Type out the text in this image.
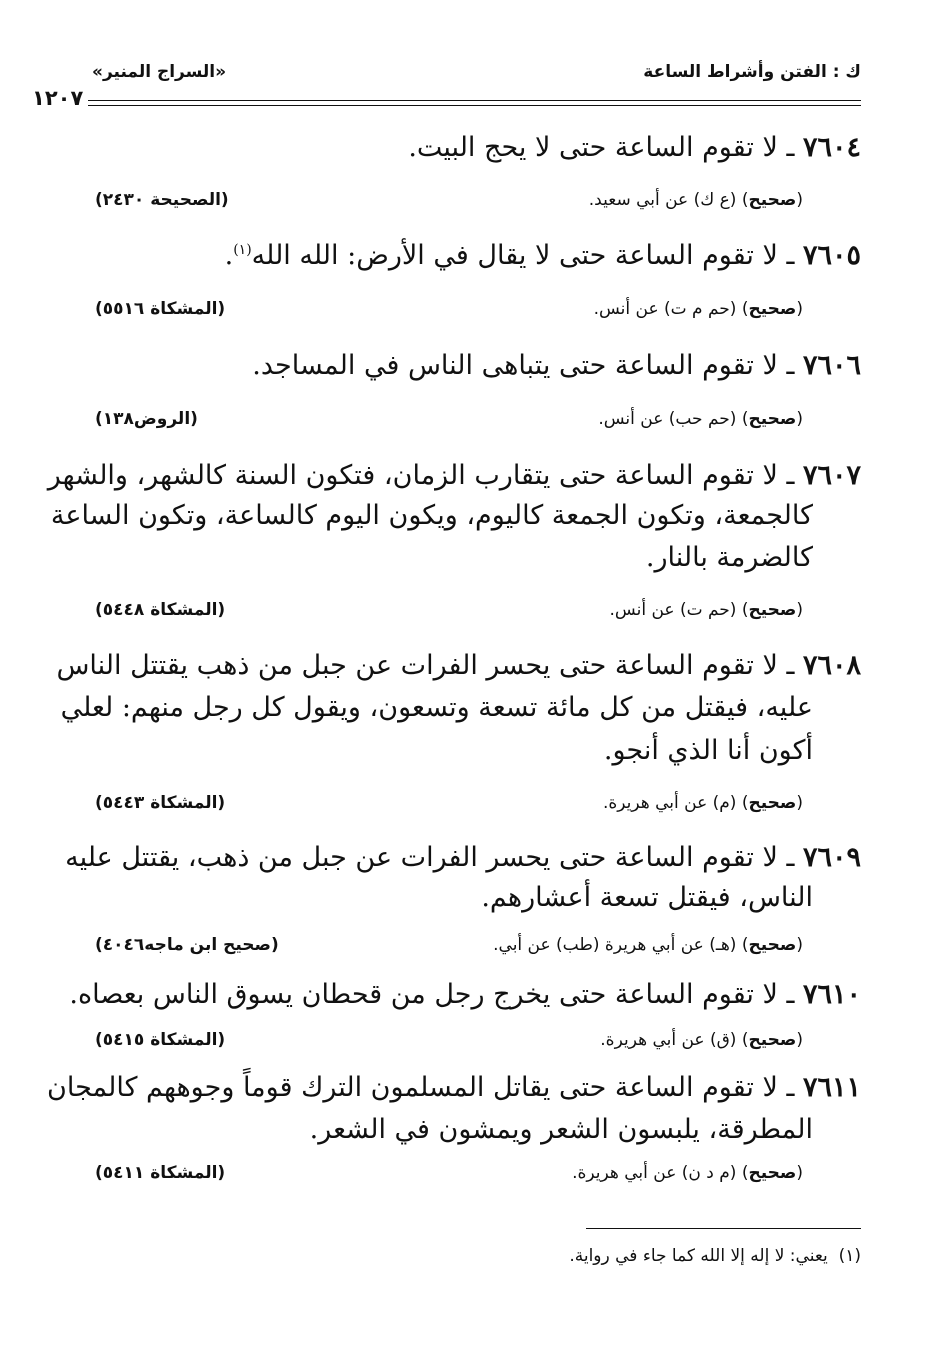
ك : الفتن وأشراط الساعة
«السراج المنير»
١٢٠٧
٧٦٠٤ ـ لا تقوم الساعة حتى لا يحج البيت.
(صحيح) (ع ك) عن أبي سعيد.
(الصحيحة ٢٤٣٠)
٧٦٠٥ ـ لا تقوم الساعة حتى لا يقال في الأرض: الله الله$^{(١)}$.
(صحيح) (حم م ت) عن أنس.
(المشكاة ٥٥١٦)
٧٦٠٦ ـ لا تقوم الساعة حتى يتباهى الناس في المساجد.
(صحيح) (حم حب) عن أنس.
(الروض١٣٨)
٧٦٠٧ ـ لا تقوم الساعة حتى يتقارب الزمان، فتكون السنة كالشهر، والشهر
كالجمعة، وتكون الجمعة كاليوم، ويكون اليوم كالساعة، وتكون الساعة
كالضرمة بالنار.
(صحيح) (حم ت) عن أنس.
(المشكاة ٥٤٤٨)
٧٦٠٨ ـ لا تقوم الساعة حتى يحسر الفرات عن جبل من ذهب يقتتل الناس
عليه، فيقتل من كل مائة تسعة وتسعون، ويقول كل رجل منهم: لعلي
أكون أنا الذي أنجو.
(صحيح) (م) عن أبي هريرة.
(المشكاة ٥٤٤٣)
٧٦٠٩ ـ لا تقوم الساعة حتى يحسر الفرات عن جبل من ذهب، يقتتل عليه
الناس، فيقتل تسعة أعشارهم.
(صحيح) (هـ) عن أبي هريرة (طب) عن أبي.
(صحيح ابن ماجه٤٠٤٦)
٧٦١٠ ـ لا تقوم الساعة حتى يخرج رجل من قحطان يسوق الناس بعصاه.
(صحيح) (ق) عن أبي هريرة.
(المشكاة ٥٤١٥)
٧٦١١ ـ لا تقوم الساعة حتى يقاتل المسلمون الترك قوماً وجوههم كالمجان
المطرقة، يلبسون الشعر ويمشون في الشعر.
(صحيح) (م د ن) عن أبي هريرة.
(المشكاة ٥٤١١)
(١)  يعني: لا إله إلا الله كما جاء في رواية.
